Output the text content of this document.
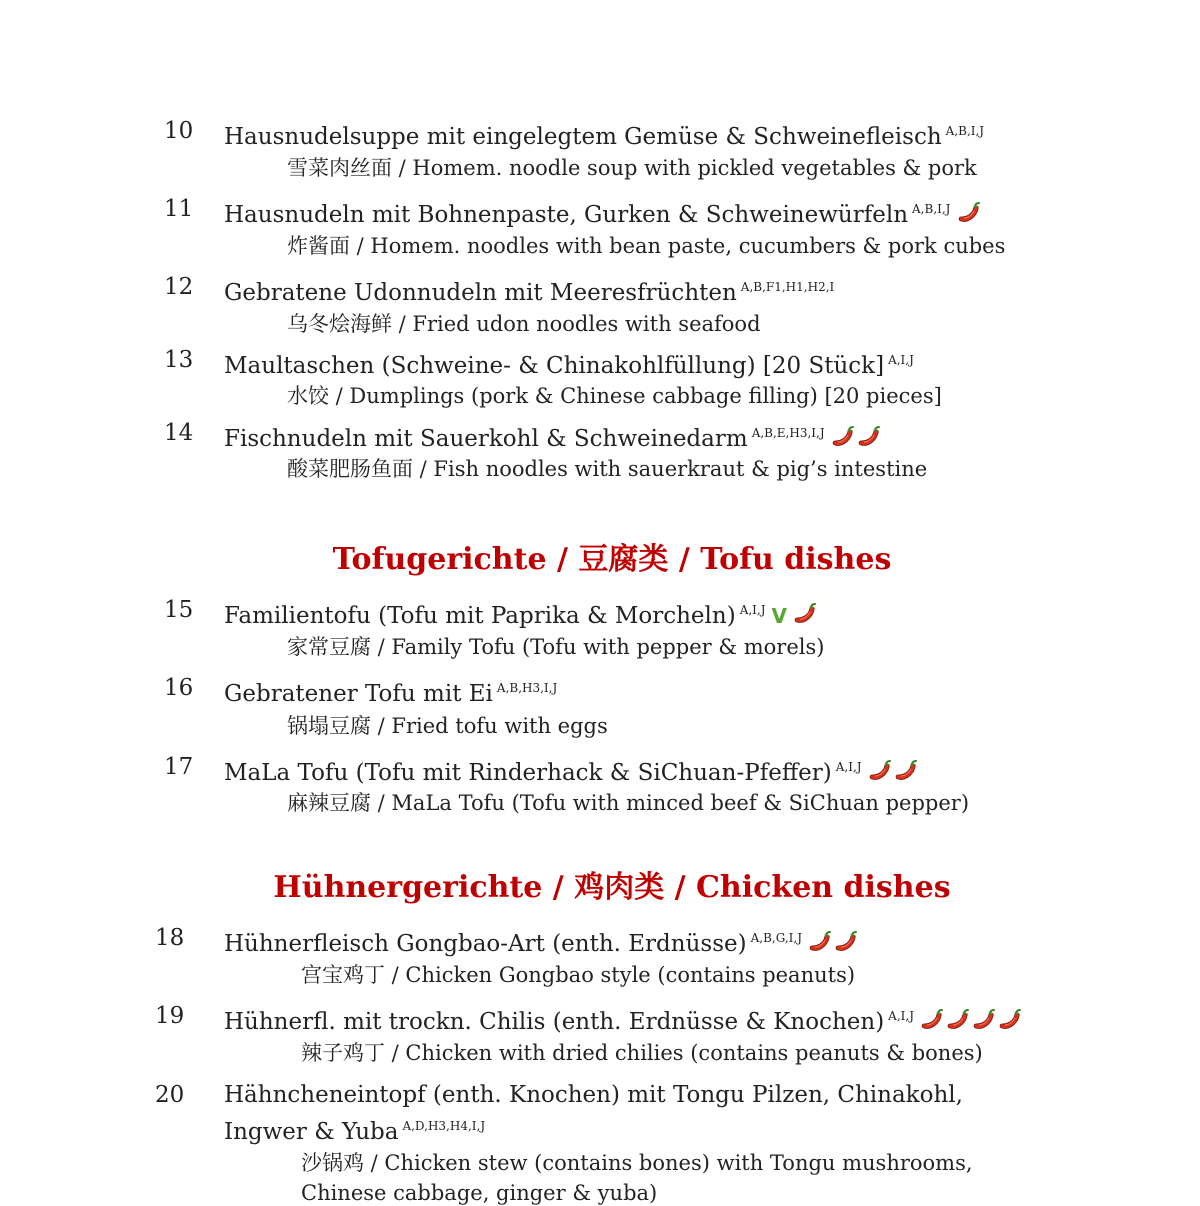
10 Hausnudelsuppe mit eingelegtem Gemüse & Schweinefleisch $^{A,B,I,J}$
雪菜肉丝面 / Homem. noodle soup with pickled vegetables & pork
11 Hausnudeln mit Bohnenpaste, Gurken & Schweinewürfeln $^{A,B,I,J}$
炸酱面 / Homem. noodles with bean paste, cucumbers & pork cubes
12 Gebratene Udonnudeln mit Meeresfrüchten $^{A,B,F1,H1,H2,I}$
乌冬烩海鲜 / Fried udon noodles with seafood
13 Maultaschen (Schweine- & Chinakohlfüllung) [20 Stück] $^{A,I,J}$
水饺 / Dumplings (pork & Chinese cabbage filling) [20 pieces]
14 Fischnudeln mit Sauerkohl & Schweinedarm $^{A,B,E,H3,I,J}$
酸菜肥肠鱼面 / Fish noodles with sauerkraut & pig’s intestine
Tofugerichte / 豆腐类 / Tofu dishes
15 Familientofu (Tofu mit Paprika & Morcheln) $^{A,I,J}$ V
家常豆腐 / Family Tofu (Tofu with pepper & morels)
16 Gebratener Tofu mit Ei $^{A,B,H3,I,J}$
锅塌豆腐 / Fried tofu with eggs
17 MaLa Tofu (Tofu mit Rinderhack & SiChuan-Pfeffer) $^{A,I,J}$
麻辣豆腐 / MaLa Tofu (Tofu with minced beef & SiChuan pepper)
Hühnergerichte / 鸡肉类 / Chicken dishes
18 Hühnerfleisch Gongbao-Art (enth. Erdnüsse) $^{A,B,G,I,J}$
宫宝鸡丁 / Chicken Gongbao style (contains peanuts)
19 Hühnerfl. mit trockn. Chilis (enth. Erdnüsse & Knochen) $^{A,I,J}$
辣子鸡丁 / Chicken with dried chilies (contains peanuts & bones)
20 Hähncheneintopf (enth. Knochen) mit Tongu Pilzen, Chinakohl,
Ingwer & Yuba $^{A,D,H3,H4,I,J}$
沙锅鸡 / Chicken stew (contains bones) with Tongu mushrooms,
Chinese cabbage, ginger & yuba)
